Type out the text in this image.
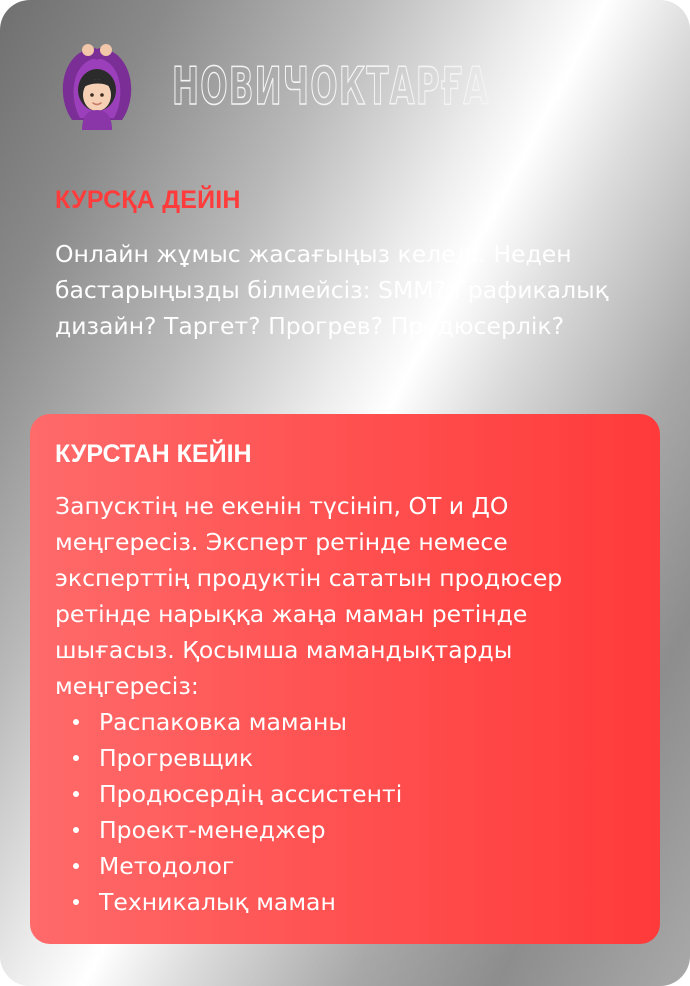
НОВИЧОКТАРҒА
КУРСҚА ДЕЙІН

Онлайн жұмыс жасағыңыз келеді. Неден бастарыңызды білмейсіз: SMM? Графикалық дизайн? Таргет? Прогрев? Продюсерлік?

КУРСТАН КЕЙІН

Запусктің не екенін түсініп, ОТ и ДО меңгересіз. Эксперт ретінде немесе эксперттің продуктін сататын продюсер ретінде нарыққа жаңа маман ретінде шығасыз. Қосымша мамандықтарды меңгересіз:

Распаковка маманы
Прогревщик
Продюсердің ассистенті
Проект-менеджер
Методолог
Техникалық маман
